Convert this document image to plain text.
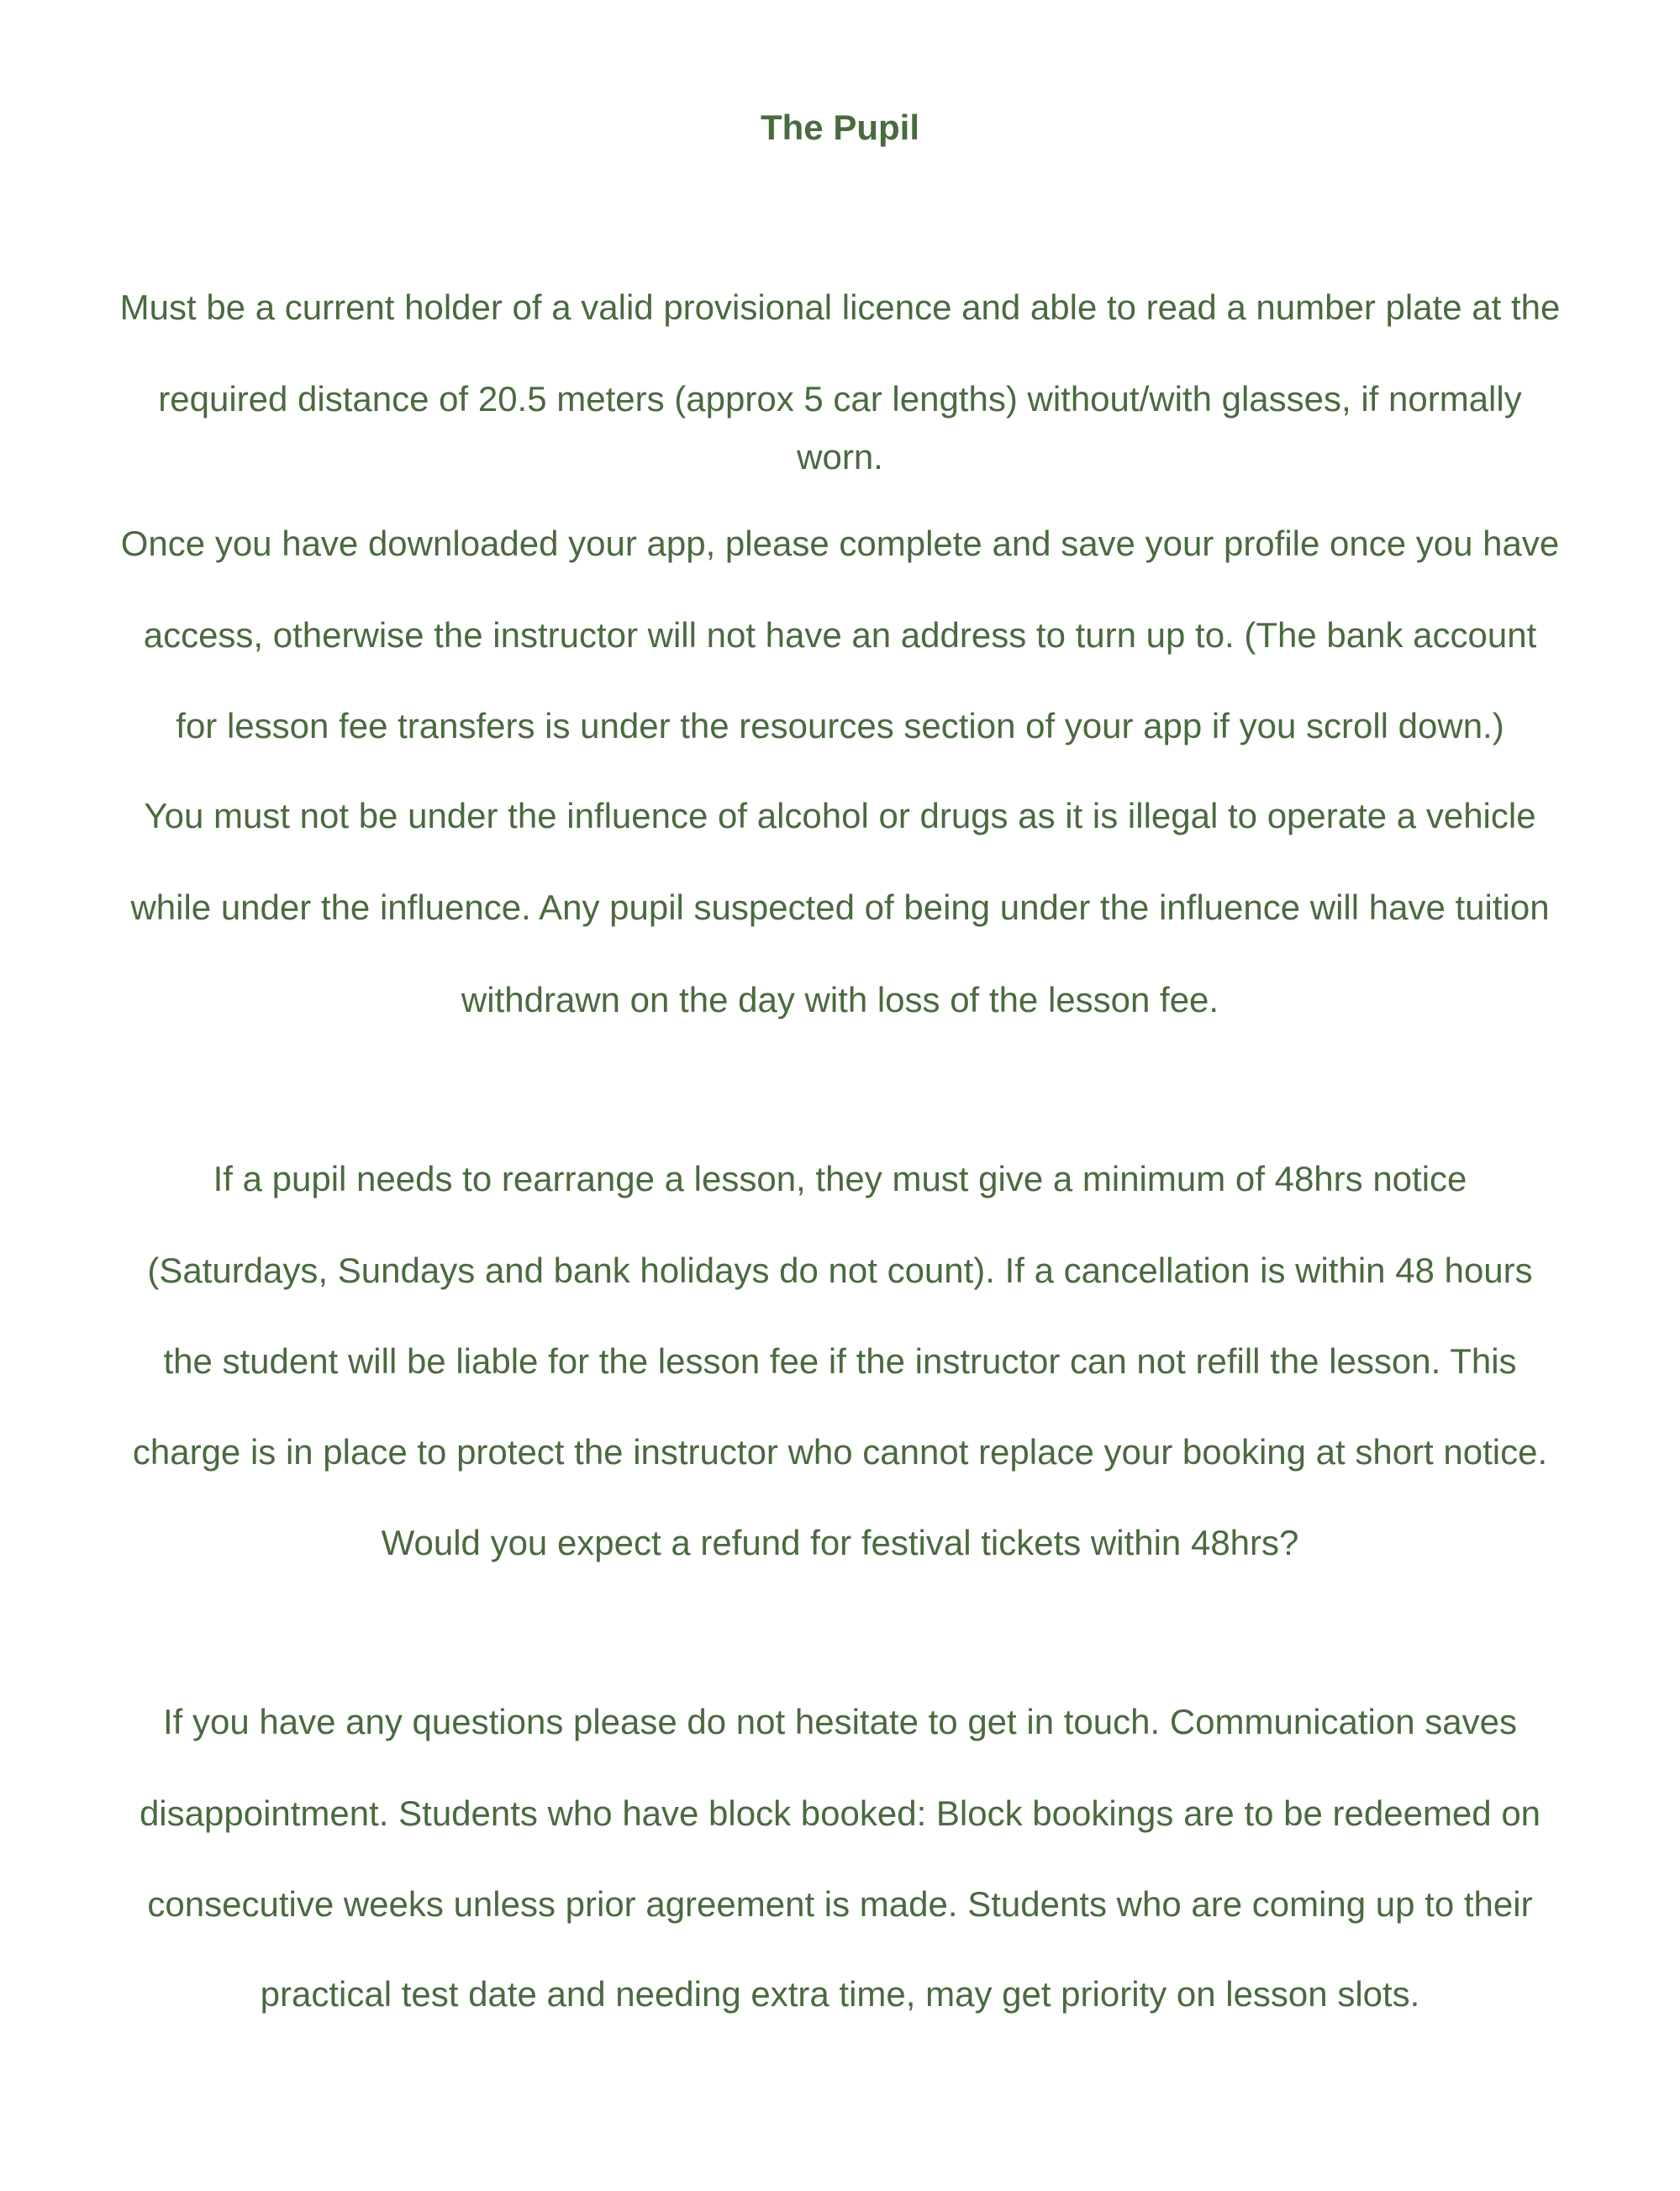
The Pupil

Must be a current holder of a valid provisional licence and able to read a number plate at the

required distance of 20.5 meters (approx 5 car lengths) without/with glasses, if normally

worn.

Once you have downloaded your app, please complete and save your profile once you have

access, otherwise the instructor will not have an address to turn up to. (The bank account

for lesson fee transfers is under the resources section of your app if you scroll down.)

You must not be under the influence of alcohol or drugs as it is illegal to operate a vehicle

while under the influence. Any pupil suspected of being under the influence will have tuition

withdrawn on the day with loss of the lesson fee.

If a pupil needs to rearrange a lesson, they must give a minimum of 48hrs notice

(Saturdays, Sundays and bank holidays do not count). If a cancellation is within 48 hours

the student will be liable for the lesson fee if the instructor can not refill the lesson. This

charge is in place to protect the instructor who cannot replace your booking at short notice.

Would you expect a refund for festival tickets within 48hrs?

If you have any questions please do not hesitate to get in touch. Communication saves

disappointment. Students who have block booked: Block bookings are to be redeemed on

consecutive weeks unless prior agreement is made. Students who are coming up to their

practical test date and needing extra time, may get priority on lesson slots.
